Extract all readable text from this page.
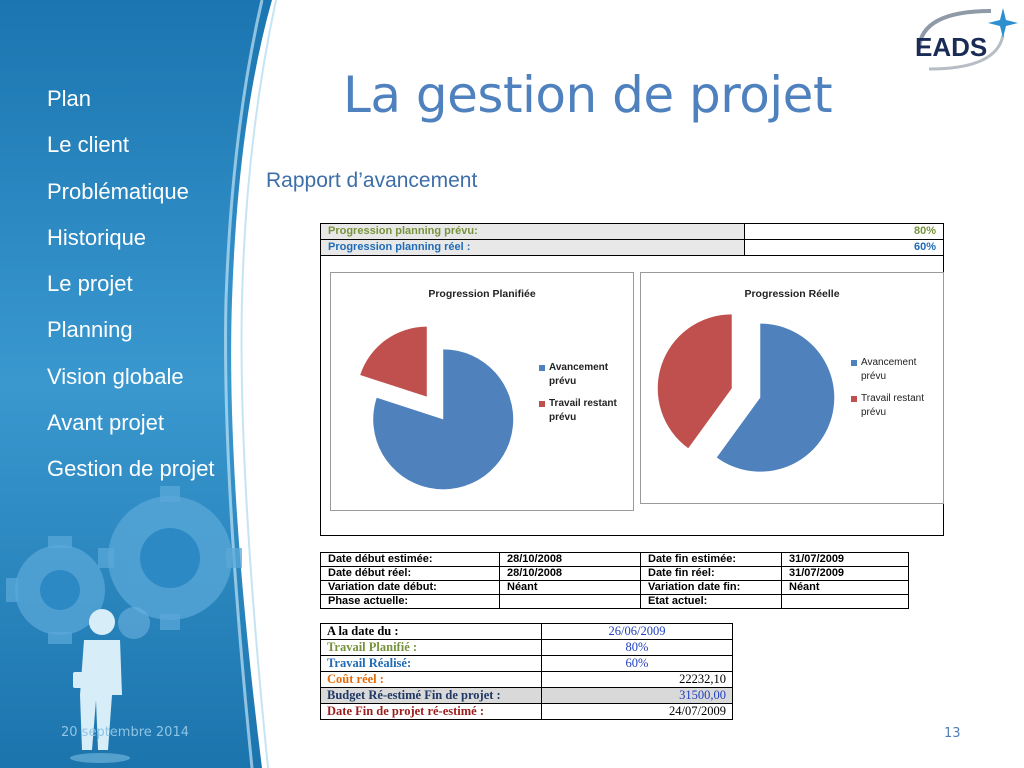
Plan
Le client
Problématique
Historique
Le projet
Planning
Vision globale
Avant projet
Gestion de projet
20 septembre 2014	13
La gestion de projet
Rapport d’avancement
EADS
Progression planning prévu:	80%
Progression planning réel :	60%
Progression Planifiée
Avancement prévu
Travail restant prévu
Progression Réelle
Avancement prévu
Travail restant prévu
Date début estimée:	28/10/2008	Date fin estimée:	31/07/2009
Date début réel:	28/10/2008	Date fin réel:	31/07/2009
Variation date début:	Néant	Variation date fin:	Néant
Phase actuelle:		Etat actuel:	
A la date du :	26/06/2009
Travail Planifié :	80%
Travail Réalisé:	60%
Coût réel :	22232,10
Budget Ré-estimé Fin de projet :	31500,00
Date Fin de projet ré-estimé :	24/07/2009
